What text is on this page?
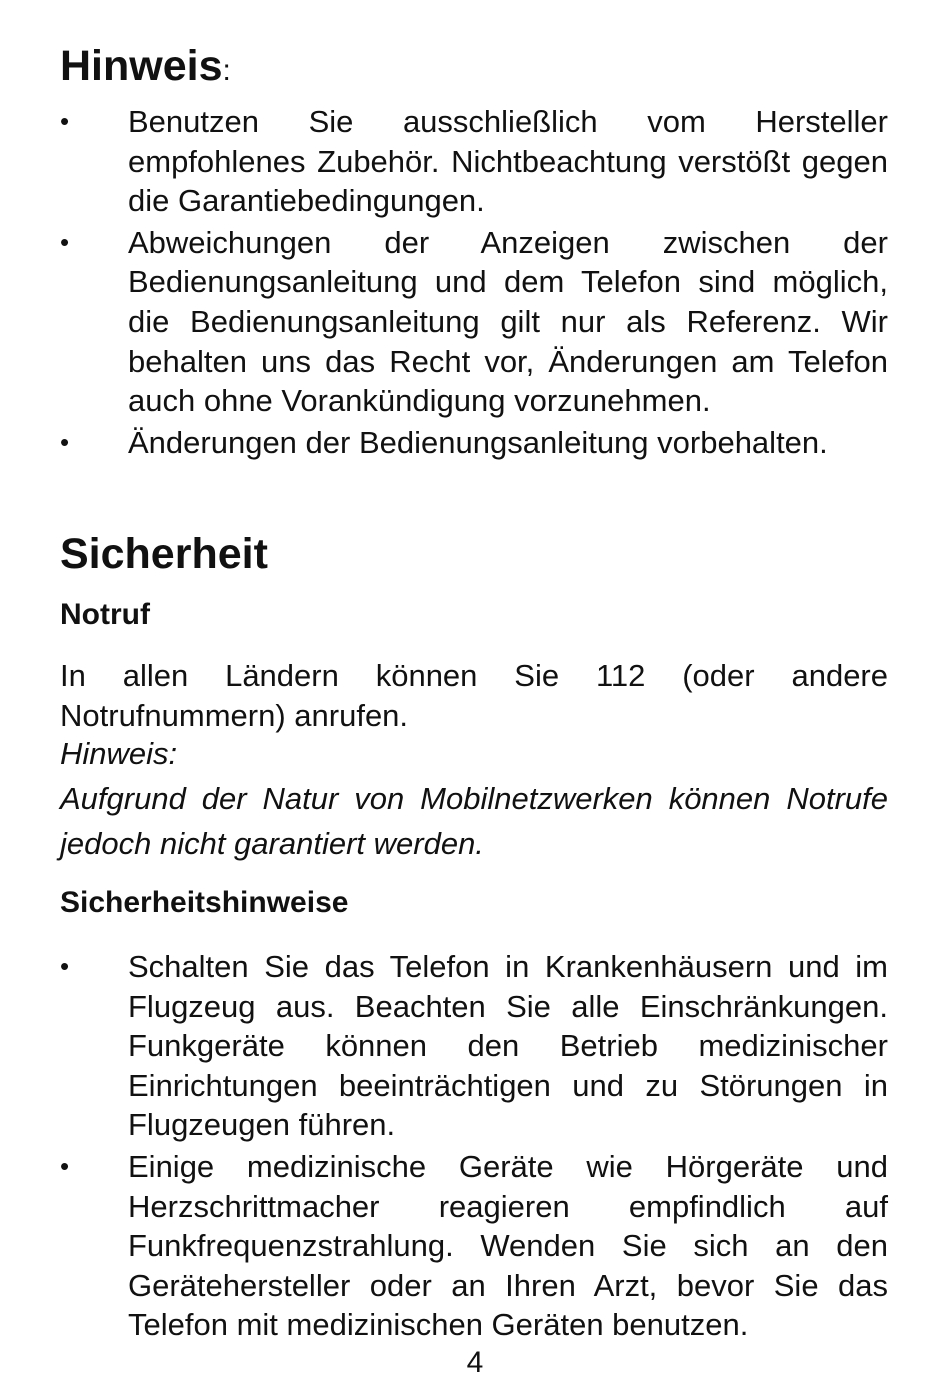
Hinweis:
•	Benutzen Sie ausschließlich vom Hersteller empfohlenes Zubehör. Nichtbeachtung verstößt gegen die Garantiebedingungen.
•	Abweichungen der Anzeigen zwischen der Bedienungsanleitung und dem Telefon sind möglich, die Bedienungsanleitung gilt nur als Referenz. Wir behalten uns das Recht vor, Änderungen am Telefon auch ohne Vorankündigung vorzunehmen.
•	Änderungen der Bedienungsanleitung vorbehalten.
Sicherheit
Notruf

In allen Ländern können Sie 112 (oder andere Notrufnummern) anrufen.

Hinweis:

Aufgrund der Natur von Mobilnetzwerken können Notrufe jedoch nicht garantiert werden.

Sicherheitshinweise
•	Schalten Sie das Telefon in Krankenhäusern und im Flugzeug aus. Beachten Sie alle Einschränkungen. Funkgeräte können den Betrieb medizinischer Einrichtungen beeinträchtigen und zu Störungen in Flugzeugen führen.
•	Einige medizinische Geräte wie Hörgeräte und Herzschrittmacher reagieren empfindlich auf Funkfrequenzstrahlung. Wenden Sie sich an den Gerätehersteller oder an Ihren Arzt, bevor Sie das Telefon mit medizinischen Geräten benutzen.
4
